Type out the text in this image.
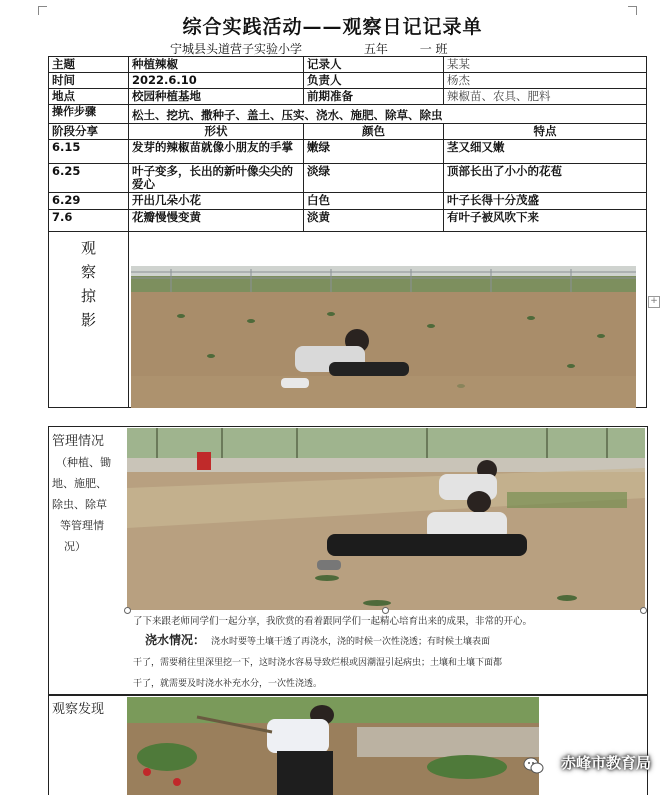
综合实践活动——观察日记记录单
宁城县头道营子实验小学	五年	一 班
+
主题	种植辣椒	记录人	某某
时间	2022.6.10	负责人	杨杰
地点	校园种植基地	前期准备	辣椒苗、农具、肥料
操作步骤	松土、挖坑、撒种子、盖土、压实、浇水、施肥、除草、除虫		
阶段分享	形状	颜色	特点
6.15	发芽的辣椒苗就像小朋友的手掌	嫩绿	茎又细又嫩
6.25	叶子变多，长出的新叶像尖尖的爱心	淡绿	顶部长出了小小的花苞
6.29	开出几朵小花	白色	叶子长得十分茂盛
7.6	花瓣慢慢变黄	淡黄	有叶子被风吹下来

观察掠影			

管理情况
（种植、锄
地、施肥、
除虫、除草
等管理情
况）
了下来跟老师同学们一起分享，我欣赏的看着跟同学们一起精心培育出来的成果，非常的开心。
浇水情况： 浇水时要等土壤干透了再浇水，浇的时候一次性浇透；有时候土壤表面
干了，需要稍往里深里挖一下，这时浇水容易导致烂根或因潮湿引起病虫；土壤和土壤下面都
干了，就需要及时浇水补充水分，一次性浇透。
观察发现
赤峰市教育局
